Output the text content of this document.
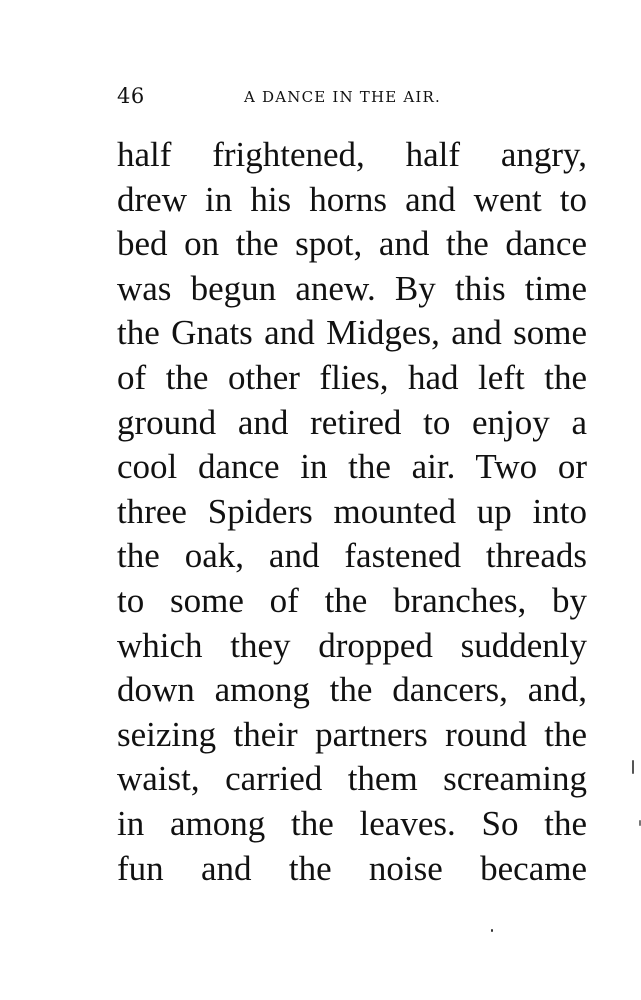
46	A DANCE IN THE AIR.
half frightened, half angry,
drew in his horns and went to
bed on the spot, and the dance
was begun anew. By this time
the Gnats and Midges, and some
of the other flies, had left the
ground and retired to enjoy a
cool dance in the air. Two or
three Spiders mounted up into
the oak, and fastened threads
to some of the branches, by
which they dropped suddenly
down among the dancers, and,
seizing their partners round the
waist, carried them screaming
in among the leaves. So the
fun and the noise became
